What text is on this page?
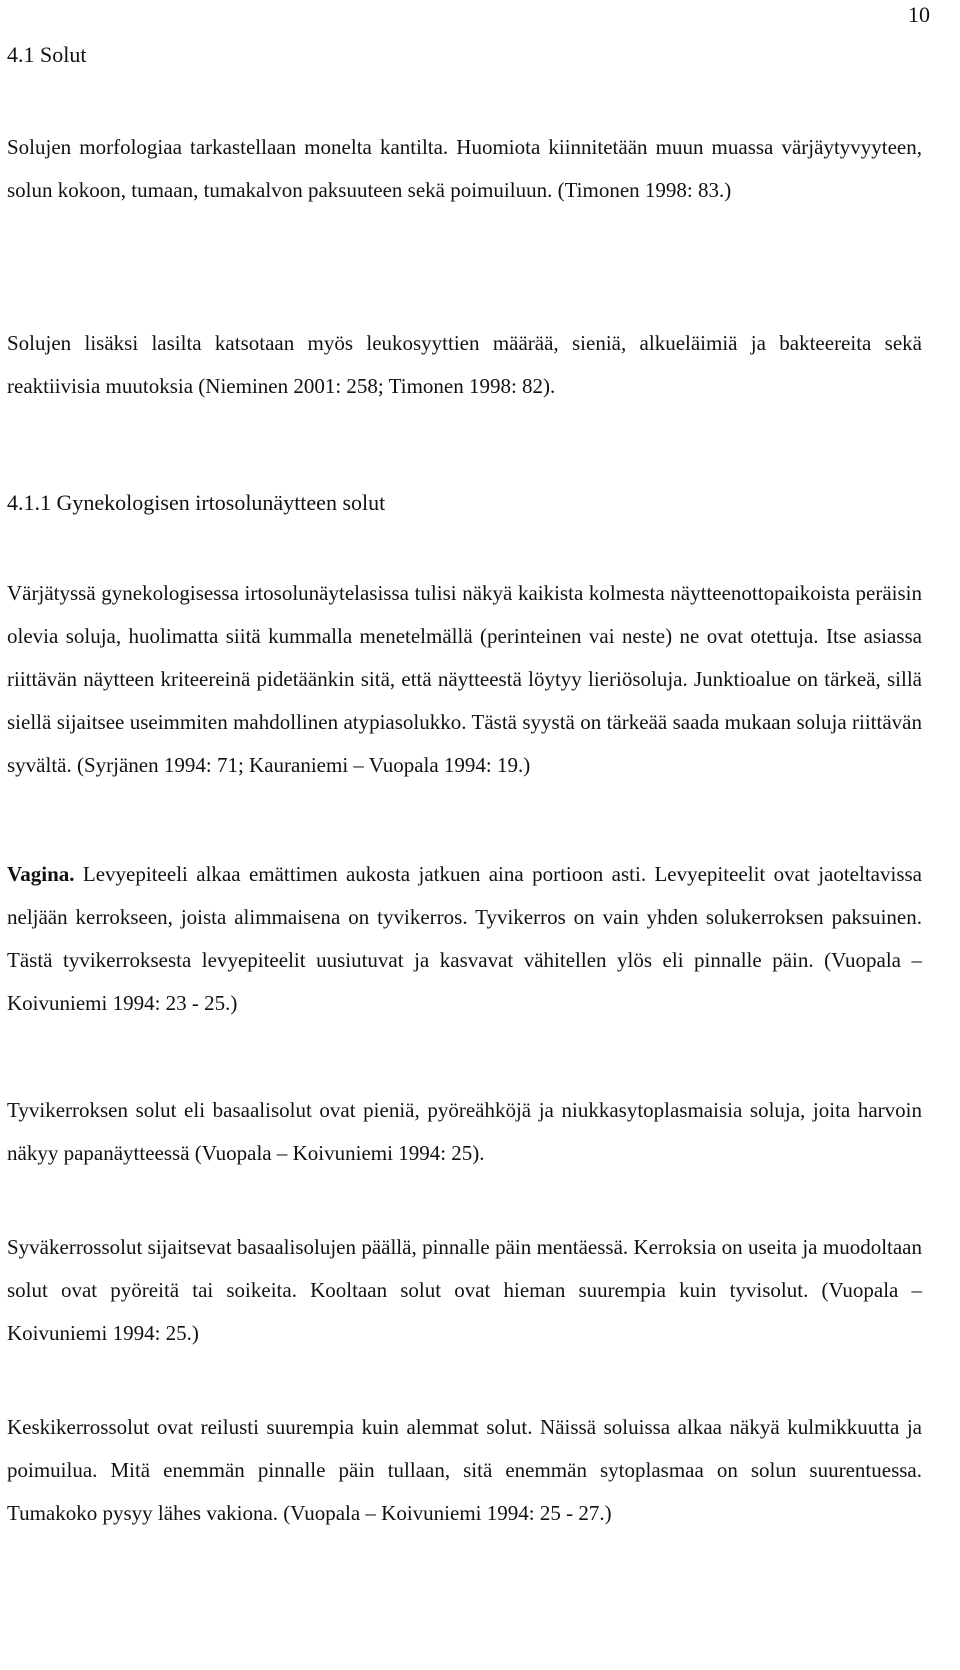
10
4.1 Solut

Solujen morfologiaa tarkastellaan monelta kantilta. Huomiota kiinnitetään muun muassa värjäytyvyyteen, solun kokoon, tumaan, tumakalvon paksuuteen sekä poimuiluun. (Timonen 1998: 83.)

Solujen lisäksi lasilta katsotaan myös leukosyyttien määrää, sieniä, alkueläimiä ja bakteereita sekä reaktiivisia muutoksia (Nieminen 2001: 258; Timonen 1998: 82).

4.1.1 Gynekologisen irtosolunäytteen solut

Värjätyssä gynekologisessa irtosolunäytelasissa tulisi näkyä kaikista kolmesta näytteenottopaikoista peräisin olevia soluja, huolimatta siitä kummalla menetelmällä (perinteinen vai neste) ne ovat otettuja. Itse asiassa riittävän näytteen kriteereinä pidetäänkin sitä, että näytteestä löytyy lieriösoluja. Junktioalue on tärkeä, sillä siellä sijaitsee useimmiten mahdollinen atypiasolukko. Tästä syystä on tärkeää saada mukaan soluja riittävän syvältä. (Syrjänen 1994: 71; Kauraniemi – Vuopala 1994: 19.)

Vagina. Levyepiteeli alkaa emättimen aukosta jatkuen aina portioon asti. Levyepiteelit ovat jaoteltavissa neljään kerrokseen, joista alimmaisena on tyvikerros. Tyvikerros on vain yhden solukerroksen paksuinen. Tästä tyvikerroksesta levyepiteelit uusiutuvat ja kasvavat vähitellen ylös eli pinnalle päin. (Vuopala – Koivuniemi 1994: 23 - 25.)

Tyvikerroksen solut eli basaalisolut ovat pieniä, pyöreähköjä ja niukkasytoplasmaisia soluja, joita harvoin näkyy papanäytteessä (Vuopala – Koivuniemi 1994: 25).

Syväkerrossolut sijaitsevat basaalisolujen päällä, pinnalle päin mentäessä. Kerroksia on useita ja muodoltaan solut ovat pyöreitä tai soikeita. Kooltaan solut ovat hieman suurempia kuin tyvisolut. (Vuopala – Koivuniemi 1994: 25.)

Keskikerrossolut ovat reilusti suurempia kuin alemmat solut. Näissä soluissa alkaa näkyä kulmikkuutta ja poimuilua. Mitä enemmän pinnalle päin tullaan, sitä enemmän sytoplasmaa on solun suurentuessa. Tumakoko pysyy lähes vakiona. (Vuopala – Koivuniemi 1994: 25 - 27.)
